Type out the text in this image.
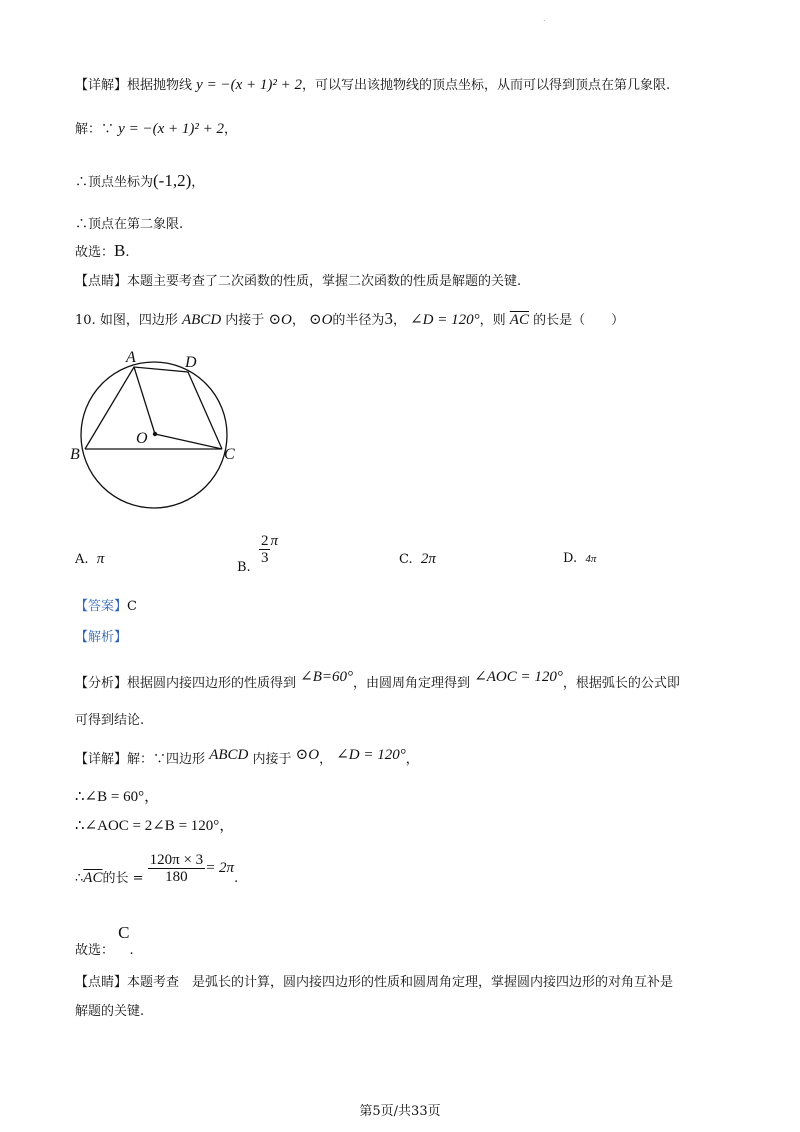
.
【详解】根据抛物线 y = −(x + 1)² + 2，可以写出该抛物线的顶点坐标，从而可以得到顶点在第几象限.
解：∵ y = −(x + 1)² + 2，
∴顶点坐标为(-1,2)，
∴顶点在第二象限.
故选：B.
【点睛】本题主要考查了二次函数的性质，掌握二次函数的性质是解题的关键.
10. 如图，四边形 ABCD 内接于 ⊙O， ⊙O的半径为3， ∠D = 120°，则 $\overline{AC}$ 的长是（　　）
A	D
O
B	C
A. π
B.
$\frac{2}{3}$ π
C. 2π	D. 4π
【答案】C
【解析】
【分析】根据圆内接四边形的性质得到 ∠B=60°，由圆周角定理得到 ∠AOC = 120°，根据弧长的公式即
可得到结论.
【详解】解：∵四边形 ABCD 内接于 ⊙O， ∠D = 120°，
∴∠B = 60°，
∴∠AOC = 2∠B = 120°，
$\therefore\overline{AC}$的长 = $\frac{120\pi \times 3}{180} = 2\pi$.
故选： C.
【点睛】本题考查　是弧长的计算，圆内接四边形的性质和圆周角定理，掌握圆内接四边形的对角互补是
解题的关键.
第5页/共33页
